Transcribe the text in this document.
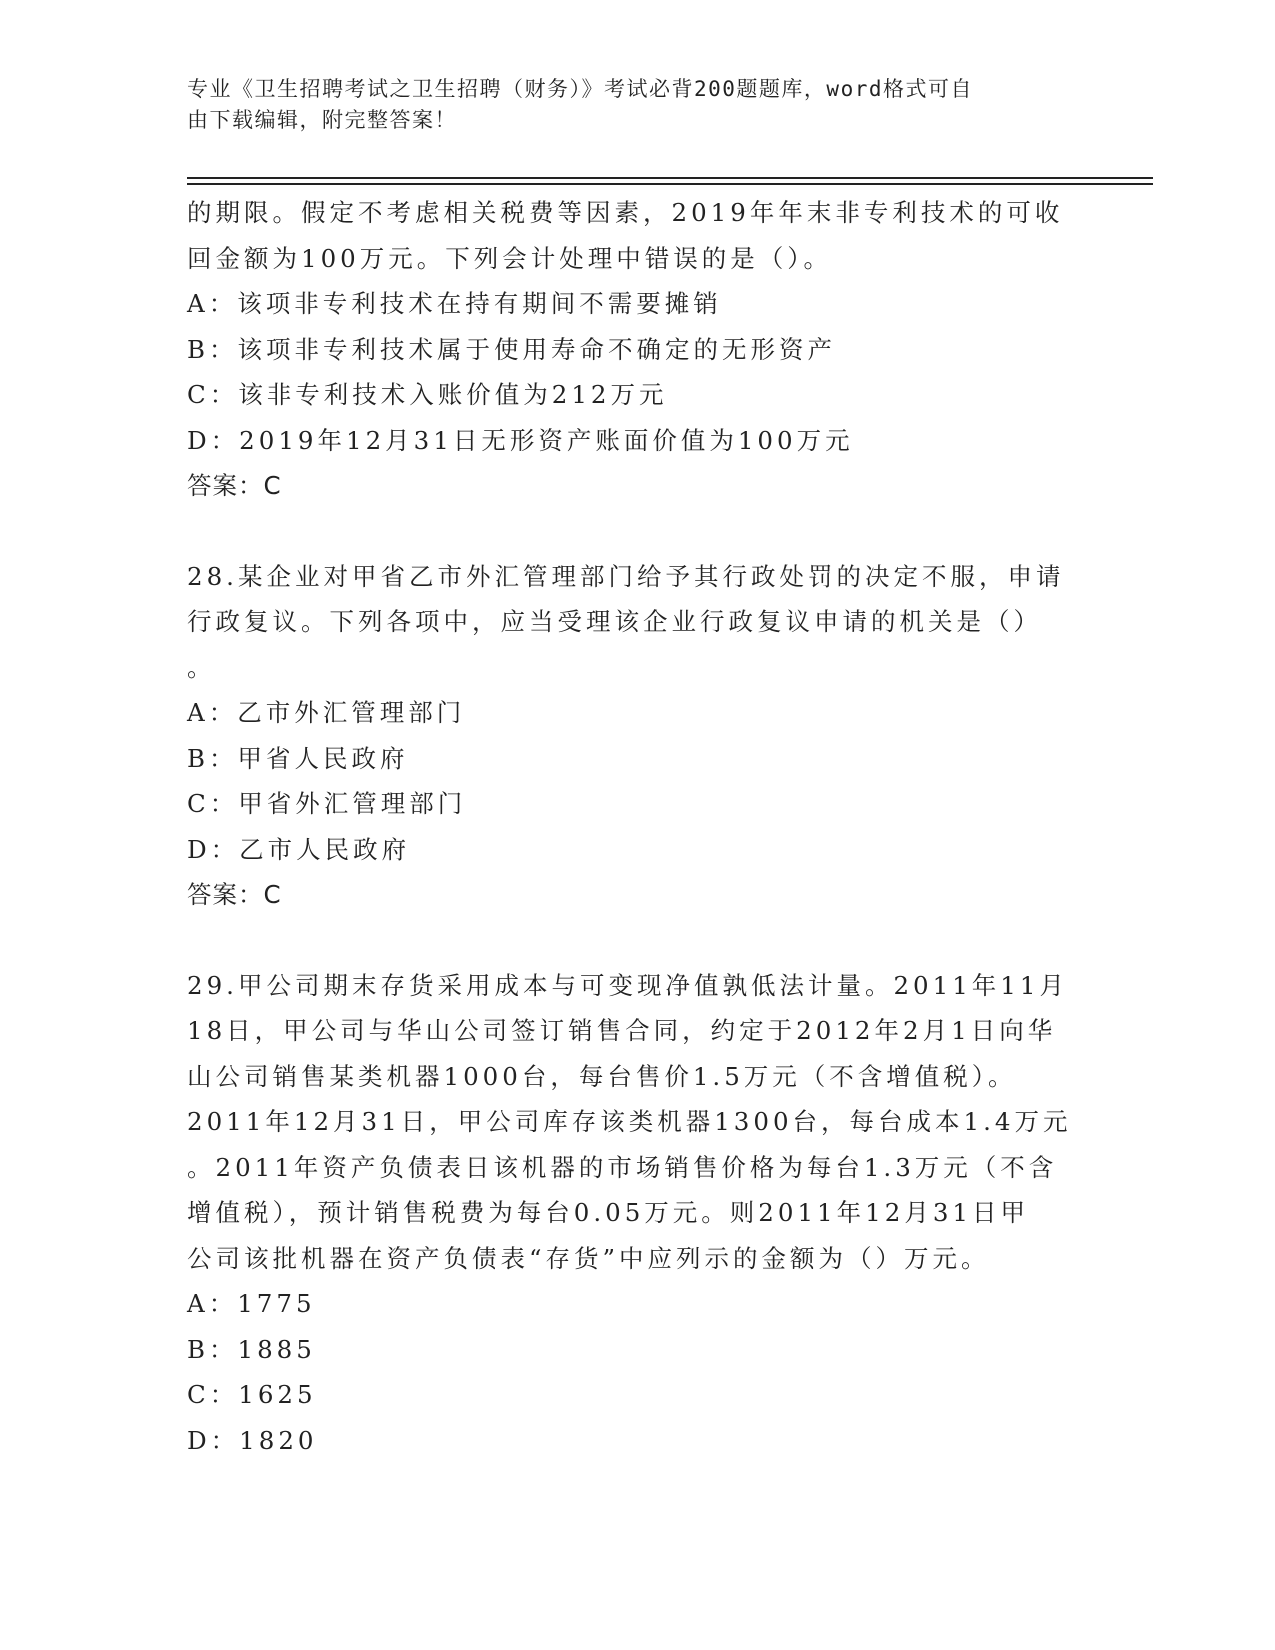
专业《卫生招聘考试之卫生招聘（财务）》考试必背200题题库，word格式可自
由下载编辑，附完整答案！
的期限。假定不考虑相关税费等因素，2019年年末非专利技术的可收
回金额为100万元。下列会计处理中错误的是（）。
A：该项非专利技术在持有期间不需要摊销
B：该项非专利技术属于使用寿命不确定的无形资产
C：该非专利技术入账价值为212万元
D：2019年12月31日无形资产账面价值为100万元
答案：C
28.某企业对甲省乙市外汇管理部门给予其行政处罚的决定不服，申请
行政复议。下列各项中，应当受理该企业行政复议申请的机关是（）
。
A：乙市外汇管理部门
B：甲省人民政府
C：甲省外汇管理部门
D：乙市人民政府
答案：C
29.甲公司期末存货采用成本与可变现净值孰低法计量。2011年11月
18日，甲公司与华山公司签订销售合同，约定于2012年2月1日向华
山公司销售某类机器1000台，每台售价1.5万元（不含增值税）。
2011年12月31日，甲公司库存该类机器1300台，每台成本1.4万元
。2011年资产负债表日该机器的市场销售价格为每台1.3万元（不含
增值税），预计销售税费为每台0.05万元。则2011年12月31日甲
公司该批机器在资产负债表“存货”中应列示的金额为（）万元。
A：1775
B：1885
C：1625
D：1820
